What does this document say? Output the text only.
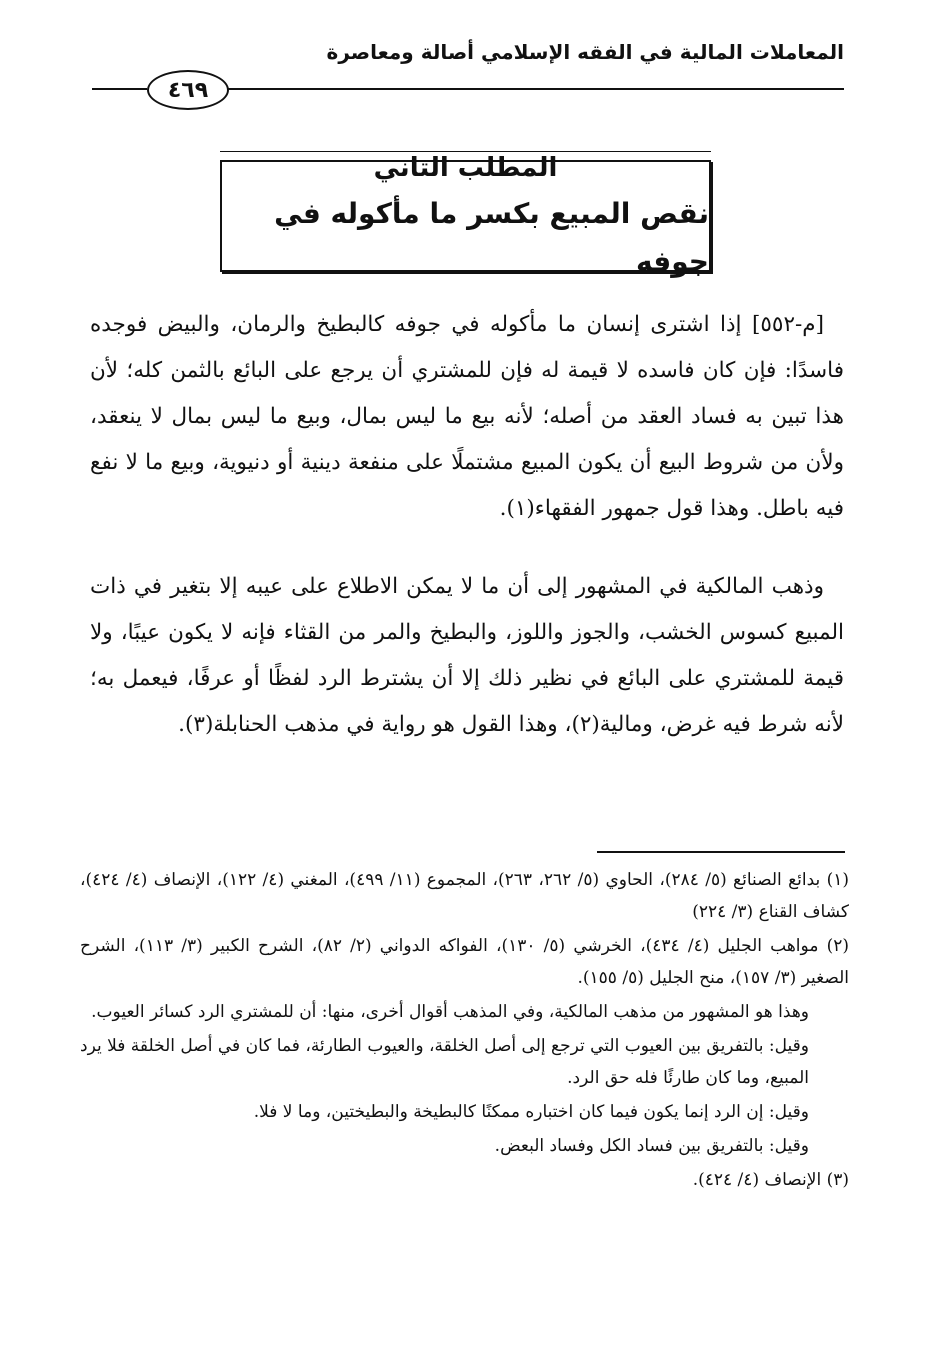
المعاملات المالية في الفقه الإسلامي أصالة ومعاصرة
٤٦٩
المطلب الثاني
نقص المبيع بكسر ما مأكوله في جوفه
[م-٥٥٢] إذا اشترى إنسان ما مأكوله في جوفه كالبطيخ والرمان، والبيض فوجده فاسدًا: فإن كان فاسده لا قيمة له فإن للمشتري أن يرجع على البائع بالثمن كله؛ لأن هذا تبين به فساد العقد من أصله؛ لأنه بيع ما ليس بمال، وبيع ما ليس بمال لا ينعقد، ولأن من شروط البيع أن يكون المبيع مشتملًا على منفعة دينية أو دنيوية، وبيع ما لا نفع فيه باطل. وهذا قول جمهور الفقهاء(١).
وذهب المالكية في المشهور إلى أن ما لا يمكن الاطلاع على عيبه إلا بتغير في ذات المبيع كسوس الخشب، والجوز واللوز، والبطيخ والمر من القثاء فإنه لا يكون عيبًا، ولا قيمة للمشتري على البائع في نظير ذلك إلا أن يشترط الرد لفظًا أو عرفًا، فيعمل به؛ لأنه شرط فيه غرض، ومالية(٢)، وهذا القول هو رواية في مذهب الحنابلة(٣).
(١) بدائع الصنائع (٥/ ٢٨٤)، الحاوي (٥/ ٢٦٢، ٢٦٣)، المجموع (١١/ ٤٩٩)، المغني (٤/ ١٢٢)، الإنصاف (٤/ ٤٢٤)، كشاف القناع (٣/ ٢٢٤)
(٢) مواهب الجليل (٤/ ٤٣٤)، الخرشي (٥/ ١٣٠)، الفواكه الدواني (٢/ ٨٢)، الشرح الكبير (٣/ ١١٣)، الشرح الصغير (٣/ ١٥٧)، منح الجليل (٥/ ١٥٥).
وهذا هو المشهور من مذهب المالكية، وفي المذهب أقوال أخرى، منها: أن للمشتري الرد كسائر العيوب.
وقيل: بالتفريق بين العيوب التي ترجع إلى أصل الخلقة، والعيوب الطارئة، فما كان في أصل الخلقة فلا يرد المبيع، وما كان طارئًا فله حق الرد.
وقيل: إن الرد إنما يكون فيما كان اختباره ممكنًا كالبطيخة والبطيختين، وما لا فلا.
وقيل: بالتفريق بين فساد الكل وفساد البعض.
(٣) الإنصاف (٤/ ٤٢٤).
